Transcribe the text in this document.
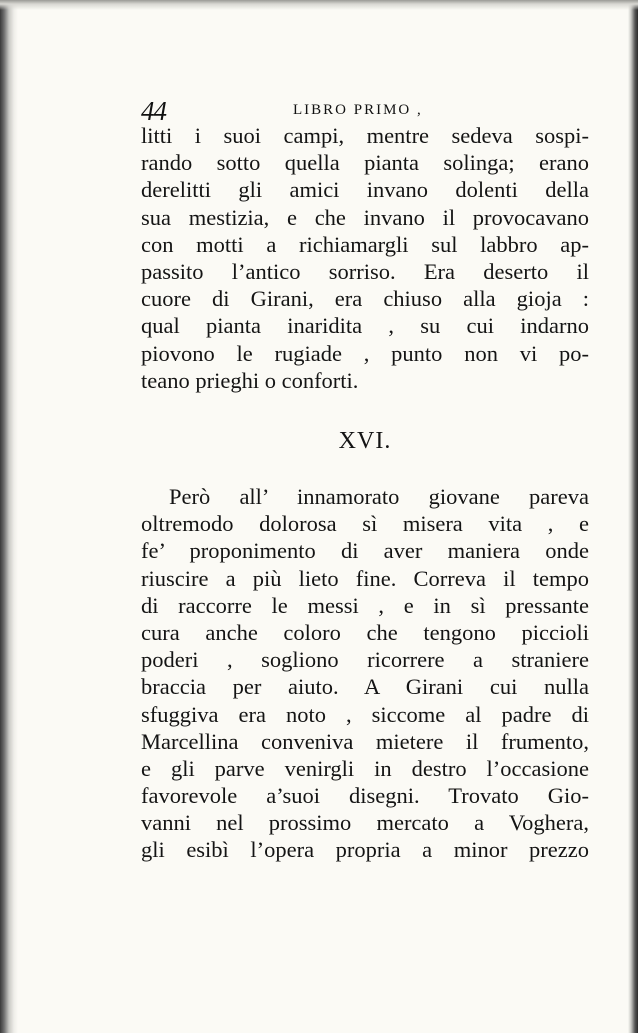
44	LIBRO PRIMO ,
litti i suoi campi, mentre sedeva sospi-
rando sotto quella pianta solinga; erano
derelitti gli amici invano dolenti della
sua mestizia, e che invano il provocavano
con motti a richiamargli sul labbro ap-
passito l’antico sorriso. Era deserto il
cuore di Girani, era chiuso alla gioja :
qual pianta inaridita , su cui indarno
piovono le rugiade , punto non vi po-
teano prieghi o conforti.
XVI.
Però all’ innamorato giovane pareva
oltremodo dolorosa sì misera vita , e
fe’ proponimento di aver maniera onde
riuscire a più lieto fine. Correva il tempo
di raccorre le messi , e in sì pressante
cura anche coloro che tengono piccioli
poderi , sogliono ricorrere a straniere
braccia per aiuto. A Girani cui nulla
sfuggiva era noto , siccome al padre di
Marcellina conveniva mietere il frumento,
e gli parve venirgli in destro l’occasione
favorevole a’suoi disegni. Trovato Gio-
vanni nel prossimo mercato a Voghera,
gli esibì l’opera propria a minor prezzo
